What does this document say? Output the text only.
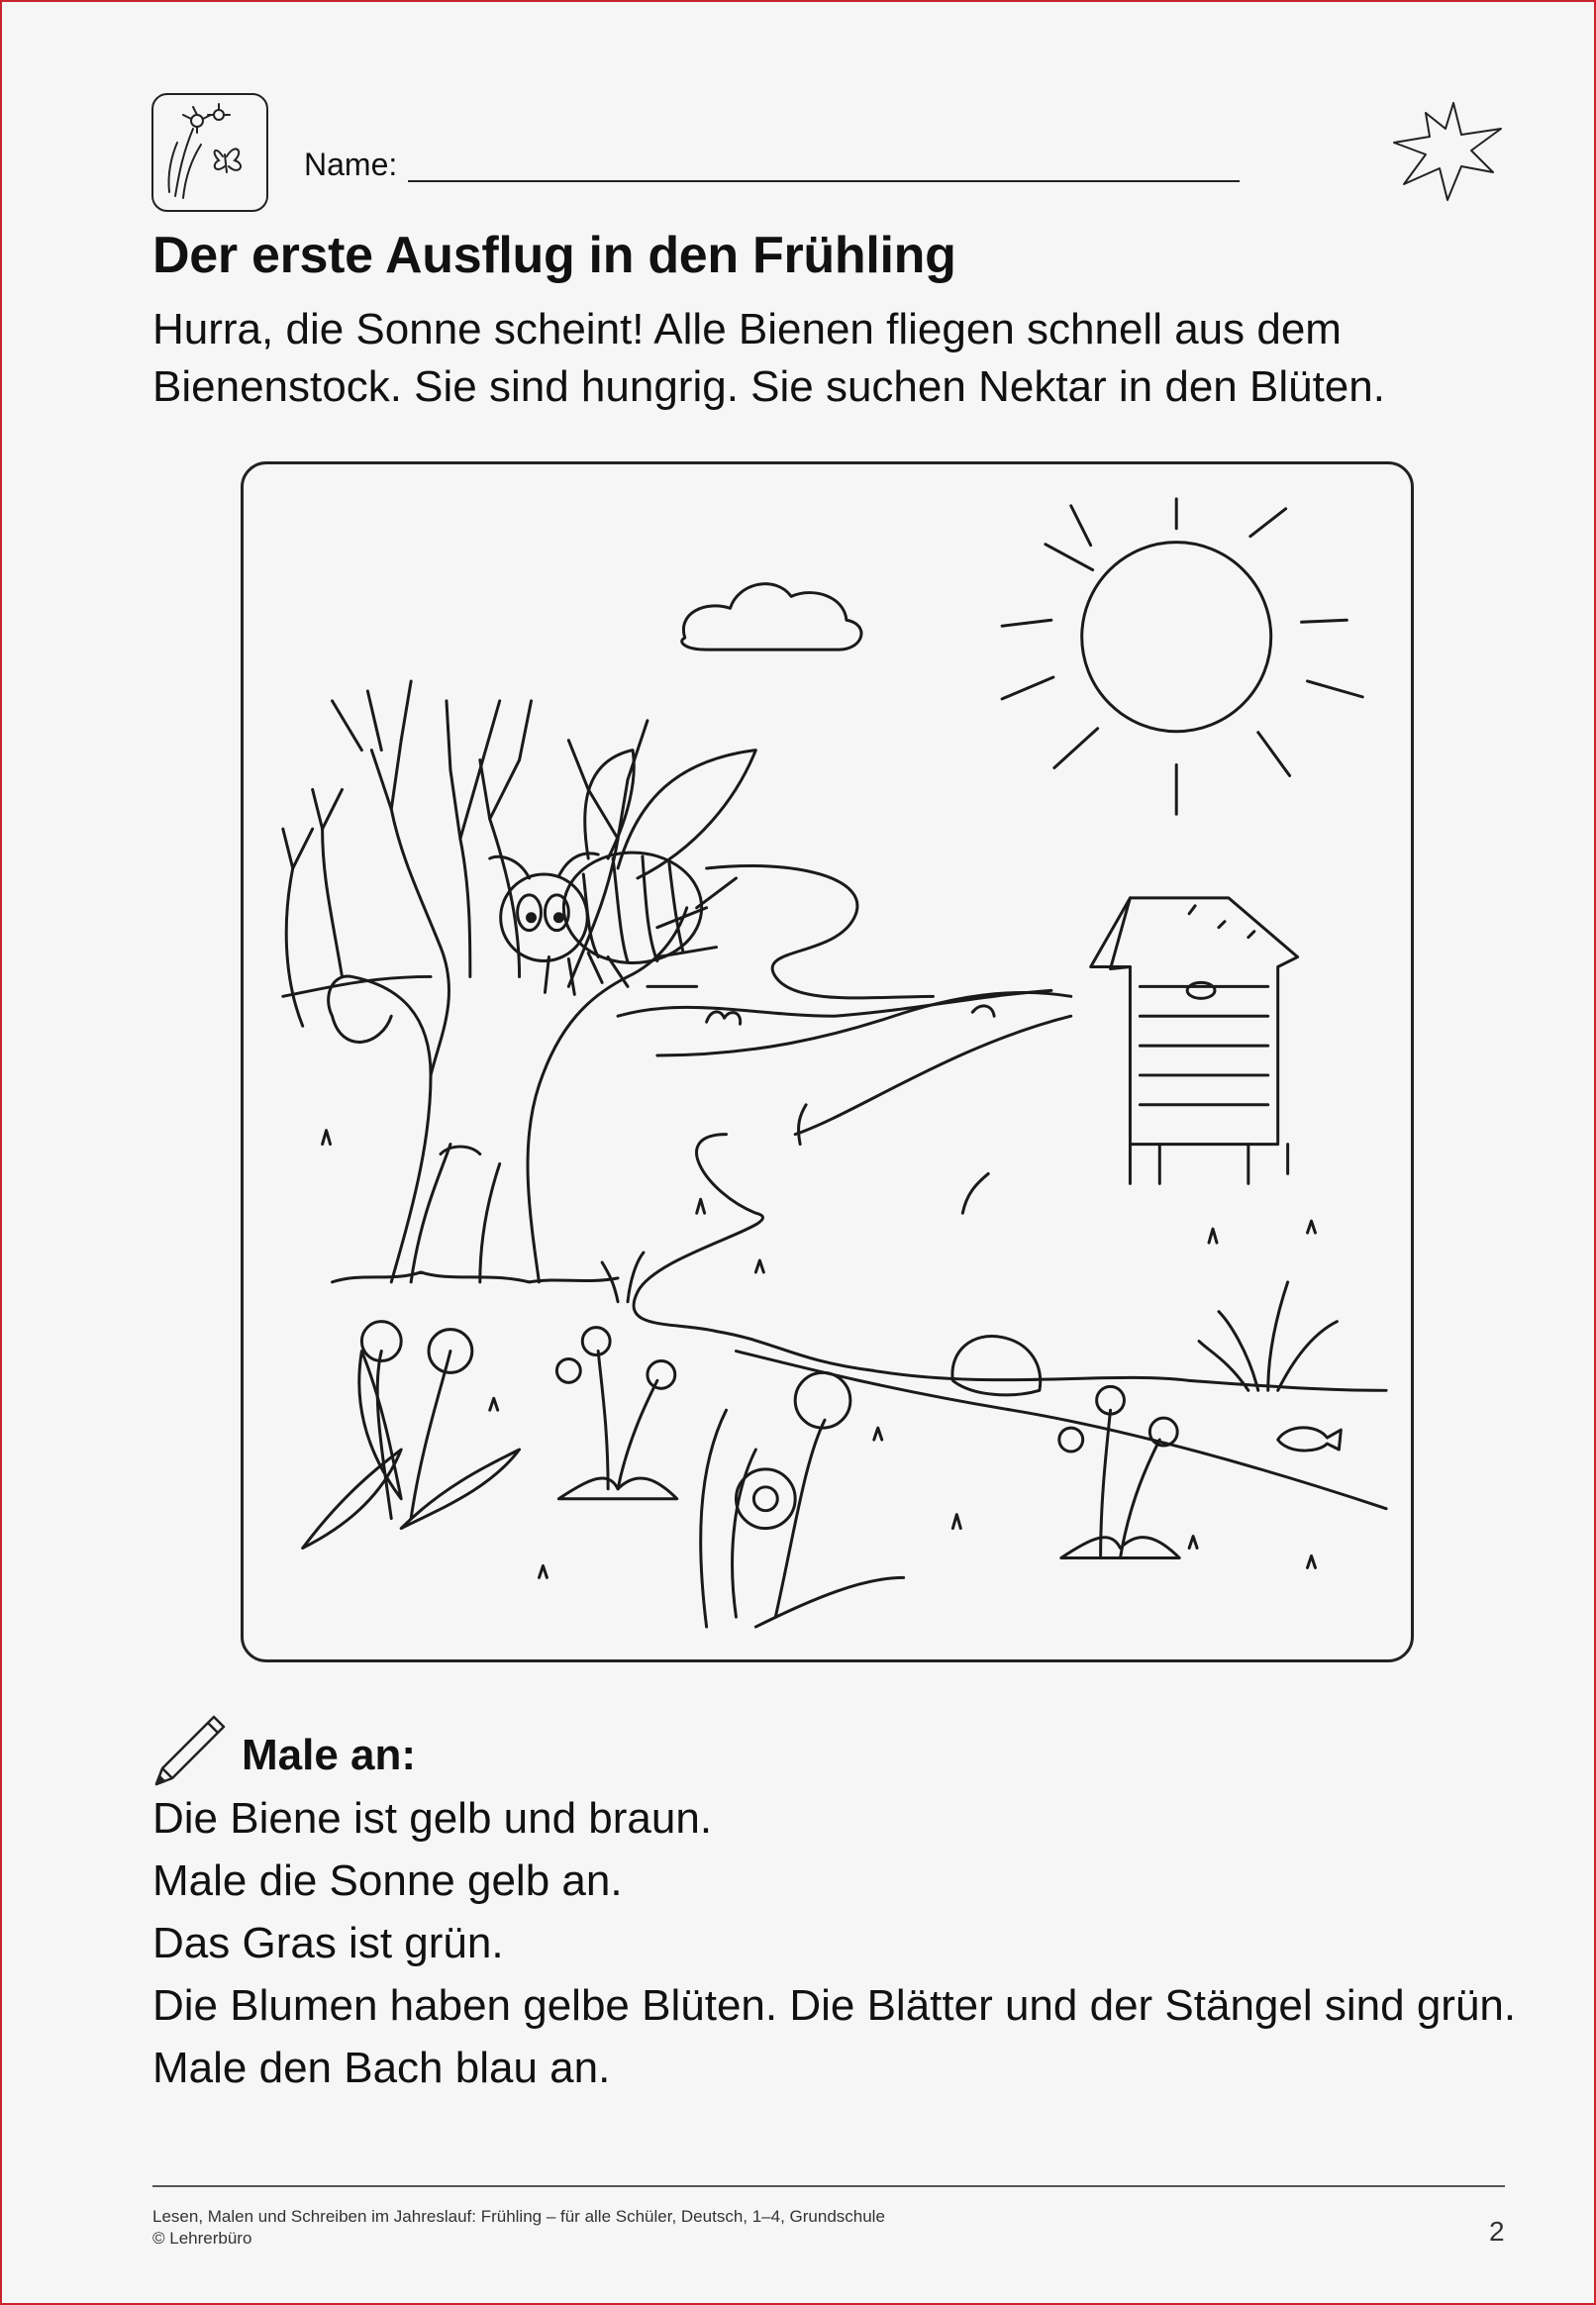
Name:
Der erste Ausflug in den Frühling

Hurra, die Sonne scheint! Alle Bienen fliegen schnell aus dem Bienenstock. Sie sind hungrig. Sie suchen Nektar in den Blüten.

Male an:
Die Biene ist gelb und braun.
Male die Sonne gelb an.
Das Gras ist grün.
Die Blumen haben gelbe Blüten. Die Blätter und der Stängel sind grün.
Male den Bach blau an.
Lesen, Malen und Schreiben im Jahreslauf: Frühling – für alle Schüler, Deutsch, 1–4, Grundschule
© Lehrerbüro	2
